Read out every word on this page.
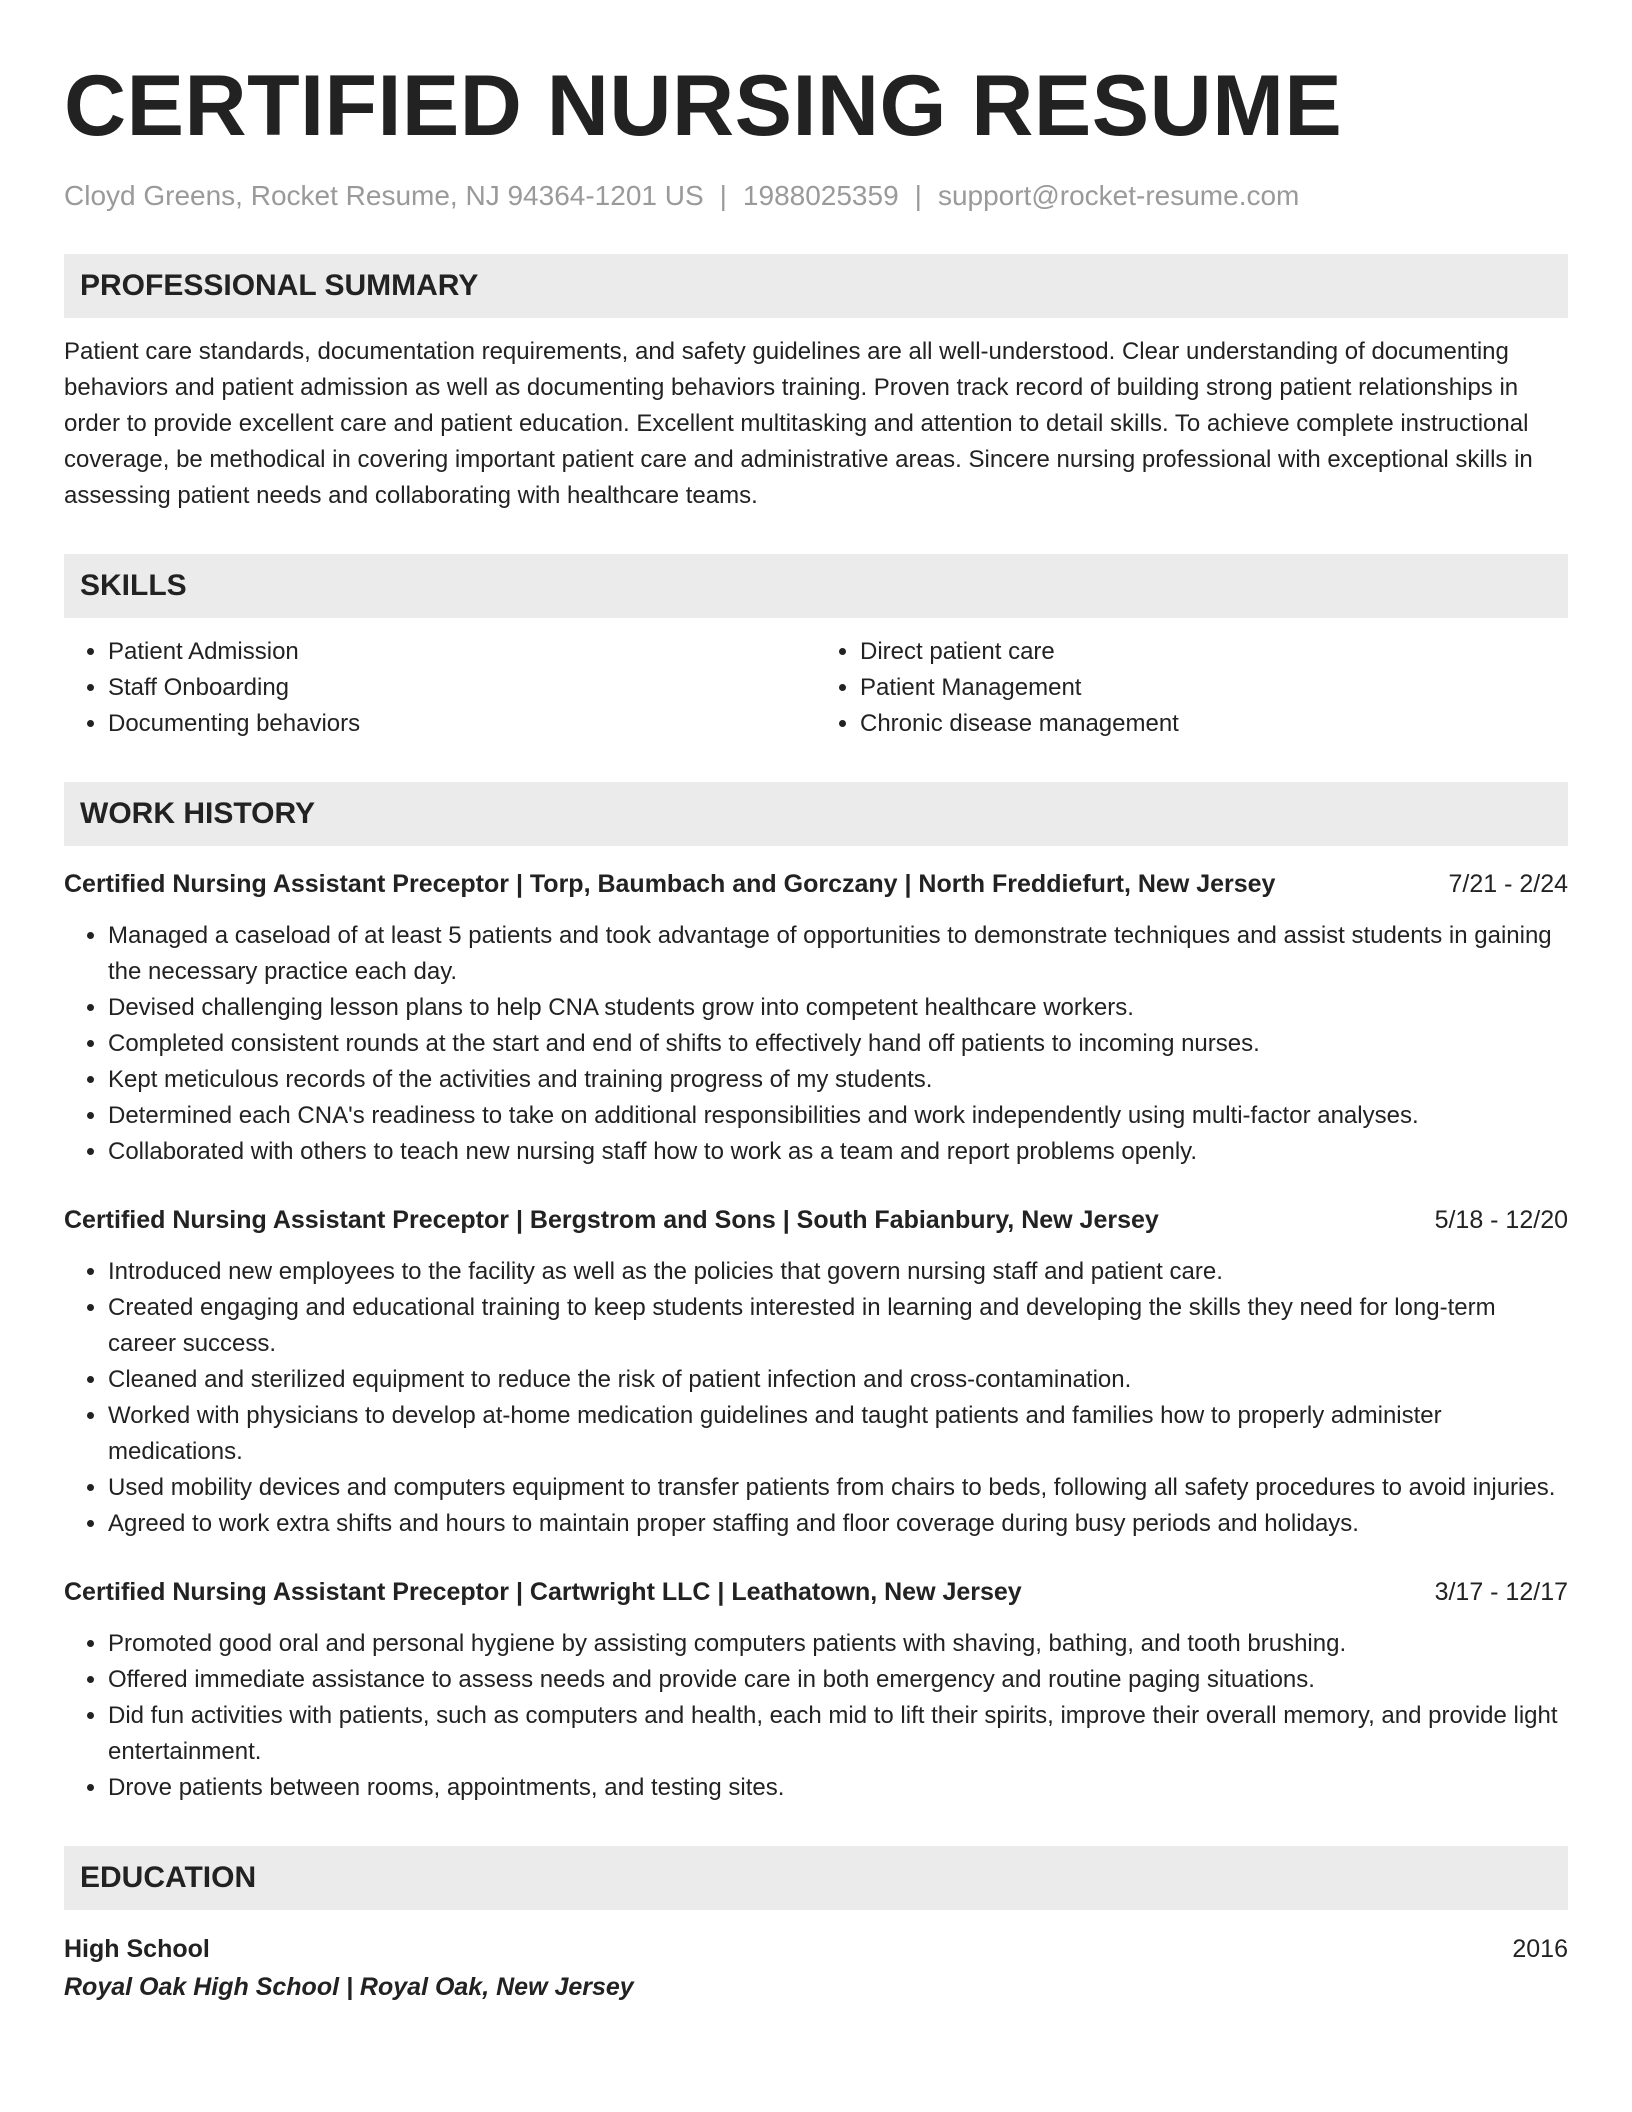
CERTIFIED NURSING RESUME
Cloyd Greens, Rocket Resume, NJ 94364-1201 US | 1988025359 | support@rocket-resume.com
PROFESSIONAL SUMMARY
Patient care standards, documentation requirements, and safety guidelines are all well-understood. Clear understanding of documenting behaviors and patient admission as well as documenting behaviors training. Proven track record of building strong patient relationships in order to provide excellent care and patient education. Excellent multitasking and attention to detail skills. To achieve complete instructional coverage, be methodical in covering important patient care and administrative areas. Sincere nursing professional with exceptional skills in assessing patient needs and collaborating with healthcare teams.
SKILLS
• Patient Admission
• Staff Onboarding
• Documenting behaviors
• Direct patient care
• Patient Management
• Chronic disease management
WORK HISTORY
Certified Nursing Assistant Preceptor | Torp, Baumbach and Gorczany | North Freddiefurt, New Jersey	7/21 - 2/24
• Managed a caseload of at least 5 patients and took advantage of opportunities to demonstrate techniques and assist students in gaining the necessary practice each day.
• Devised challenging lesson plans to help CNA students grow into competent healthcare workers.
• Completed consistent rounds at the start and end of shifts to effectively hand off patients to incoming nurses.
• Kept meticulous records of the activities and training progress of my students.
• Determined each CNA's readiness to take on additional responsibilities and work independently using multi-factor analyses.
• Collaborated with others to teach new nursing staff how to work as a team and report problems openly.
Certified Nursing Assistant Preceptor | Bergstrom and Sons | South Fabianbury, New Jersey	5/18 - 12/20
• Introduced new employees to the facility as well as the policies that govern nursing staff and patient care.
• Created engaging and educational training to keep students interested in learning and developing the skills they need for long-term career success.
• Cleaned and sterilized equipment to reduce the risk of patient infection and cross-contamination.
• Worked with physicians to develop at-home medication guidelines and taught patients and families how to properly administer medications.
• Used mobility devices and computers equipment to transfer patients from chairs to beds, following all safety procedures to avoid injuries.
• Agreed to work extra shifts and hours to maintain proper staffing and floor coverage during busy periods and holidays.
Certified Nursing Assistant Preceptor | Cartwright LLC | Leathatown, New Jersey	3/17 - 12/17
• Promoted good oral and personal hygiene by assisting computers patients with shaving, bathing, and tooth brushing.
• Offered immediate assistance to assess needs and provide care in both emergency and routine paging situations.
• Did fun activities with patients, such as computers and health, each mid to lift their spirits, improve their overall memory, and provide light entertainment.
• Drove patients between rooms, appointments, and testing sites.
EDUCATION
High School	2016
Royal Oak High School | Royal Oak, New Jersey
